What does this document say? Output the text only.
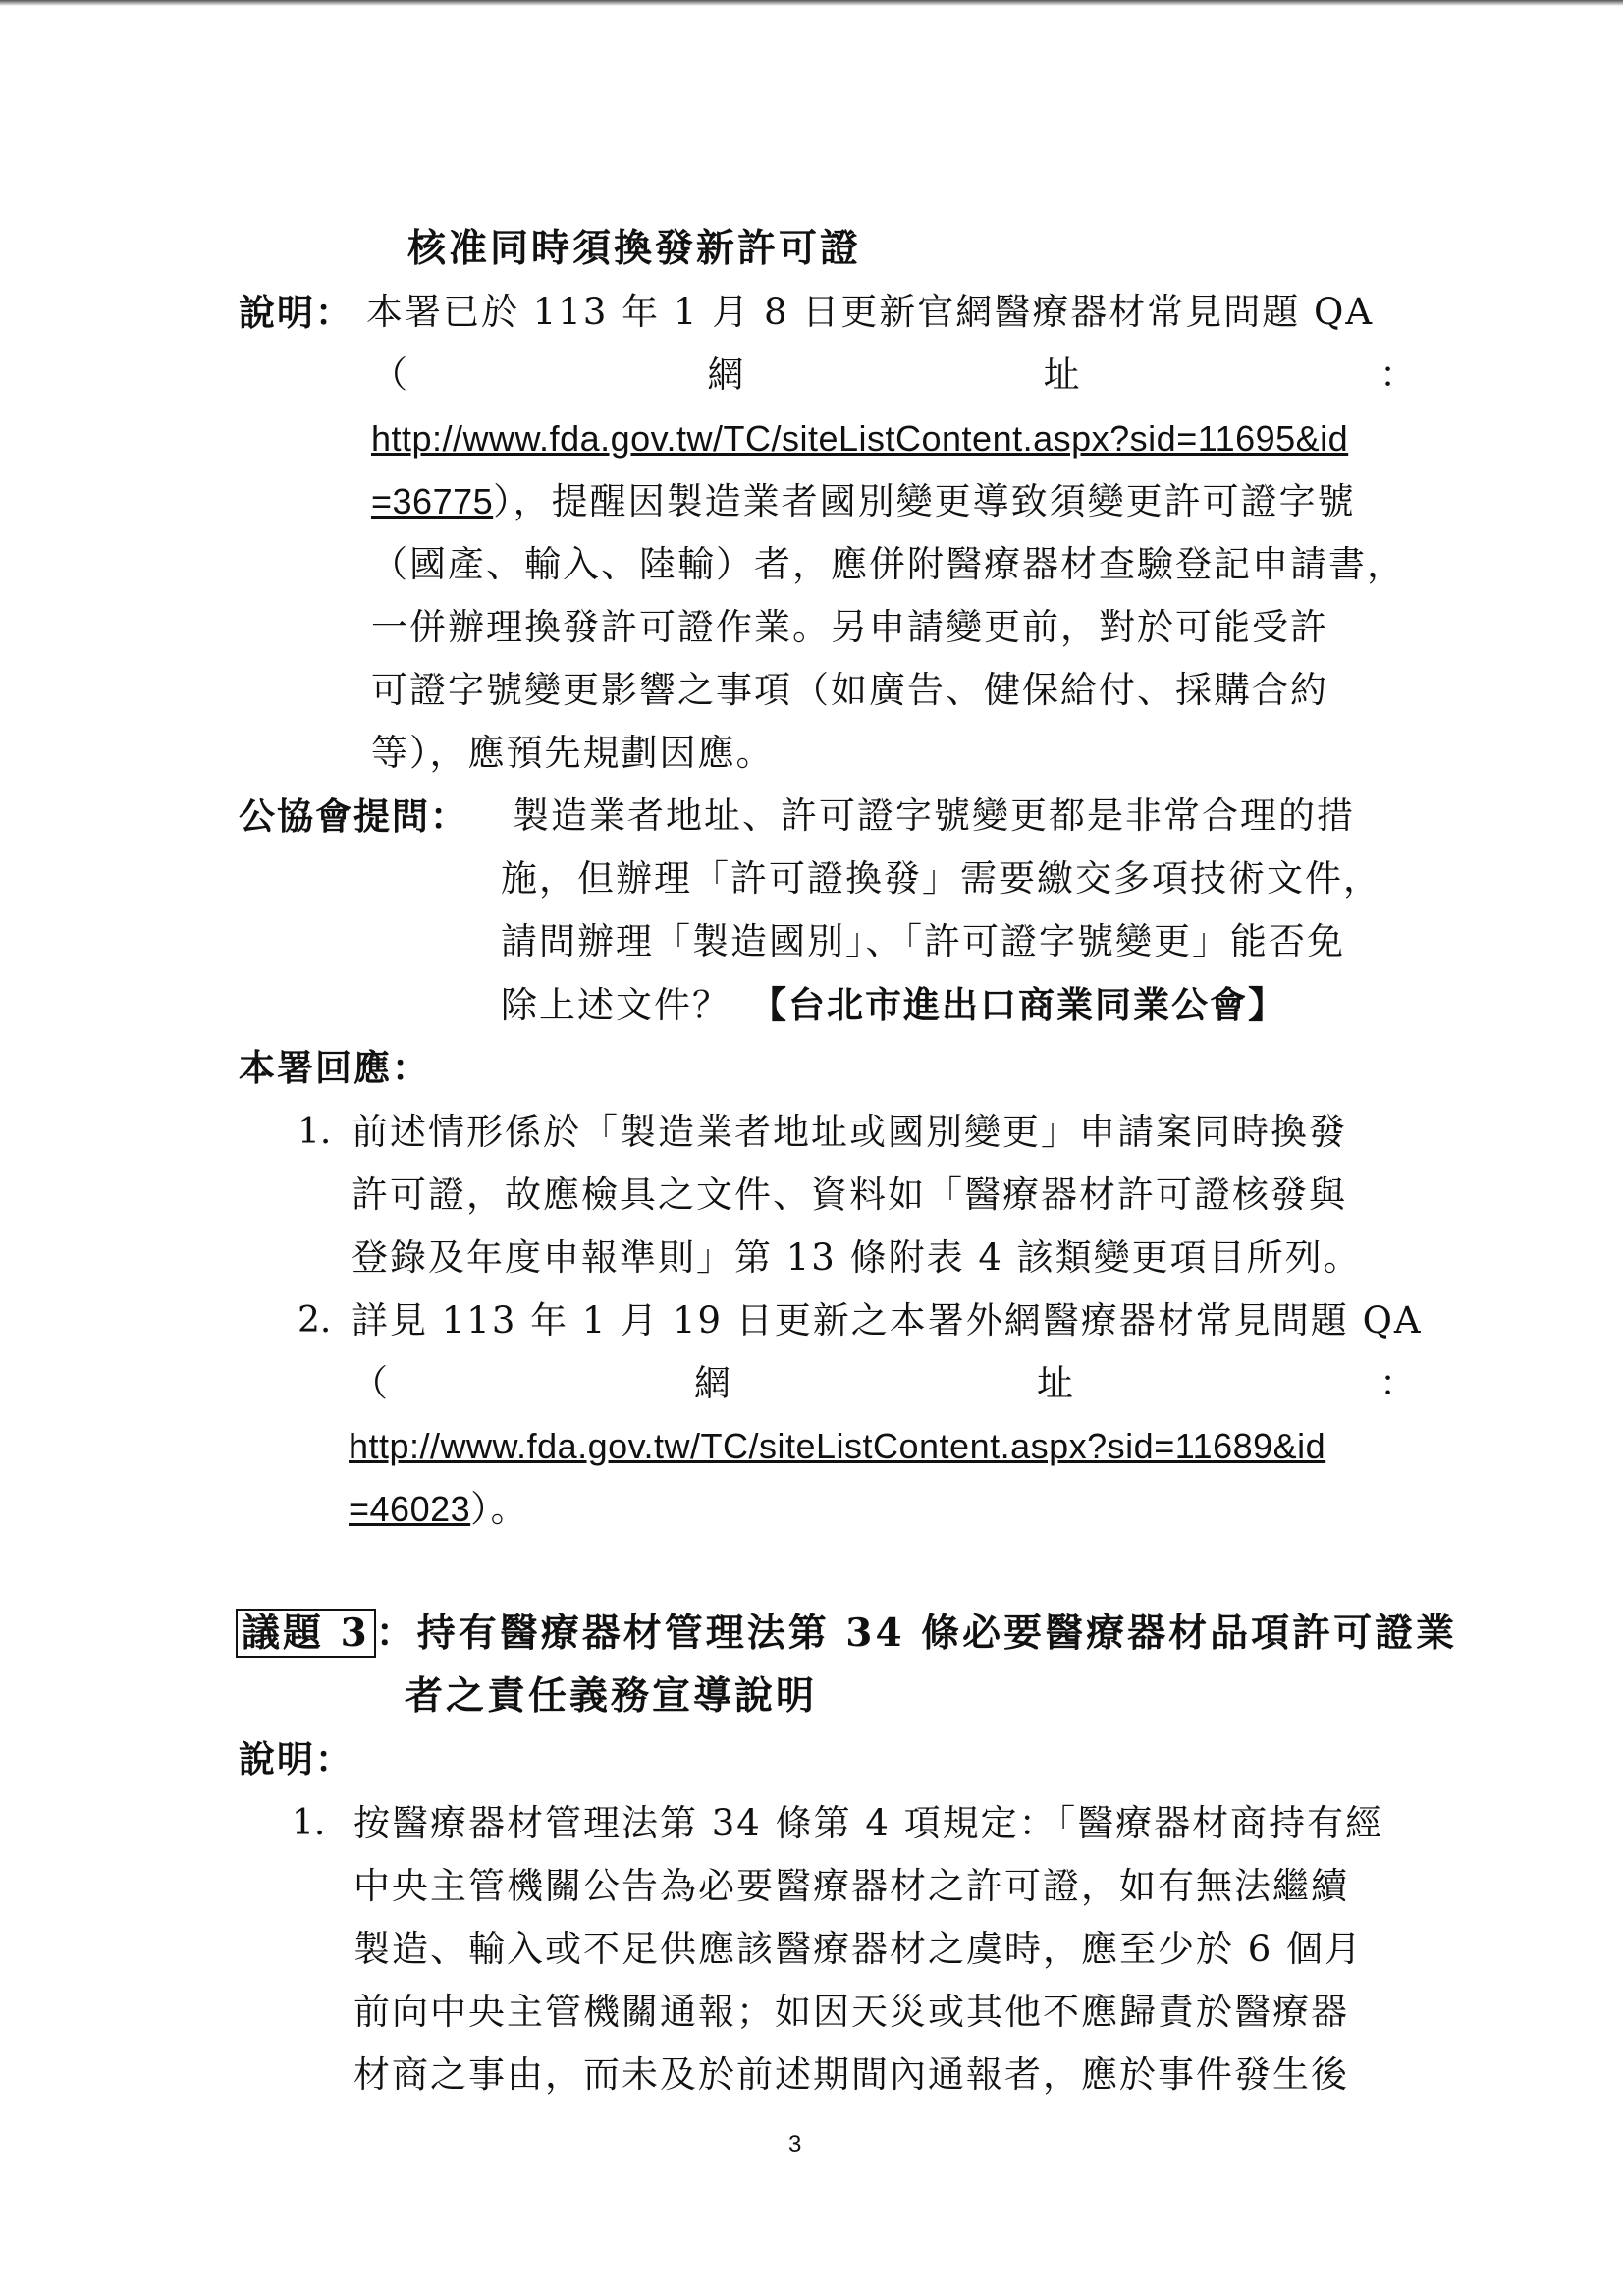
核准同時須換發新許可證
說明： 本署已於 113 年 1 月 8 日更新官網醫療器材常見問題 QA
（	網	址	：
http://www.fda.gov.tw/TC/siteListContent.aspx?sid=11695&id
=36775），提醒因製造業者國別變更導致須變更許可證字號
（國產、輸入、陸輸）者，應併附醫療器材查驗登記申請書，
一併辦理換發許可證作業。另申請變更前，對於可能受許
可證字號變更影響之事項（如廣告、健保給付、採購合約
等），應預先規劃因應。
公協會提問： 製造業者地址、許可證字號變更都是非常合理的措
施，但辦理「許可證換發」需要繳交多項技術文件，
請問辦理「製造國別」、「許可證字號變更」能否免
除上述文件？ 【台北市進出口商業同業公會】
本署回應：
1. 前述情形係於「製造業者地址或國別變更」申請案同時換發
許可證，故應檢具之文件、資料如「醫療器材許可證核發與
登錄及年度申報準則」第 13 條附表 4 該類變更項目所列。
2. 詳見 113 年 1 月 19 日更新之本署外網醫療器材常見問題 QA
（	網	址	：
http://www.fda.gov.tw/TC/siteListContent.aspx?sid=11689&id
=46023）。
議題 3 ：持有醫療器材管理法第 34 條必要醫療器材品項許可證業
者之責任義務宣導說明
說明：
1. 按醫療器材管理法第 34 條第 4 項規定：「醫療器材商持有經
中央主管機關公告為必要醫療器材之許可證，如有無法繼續
製造、輸入或不足供應該醫療器材之虞時，應至少於 6 個月
前向中央主管機關通報；如因天災或其他不應歸責於醫療器
材商之事由，而未及於前述期間內通報者，應於事件發生後
3
